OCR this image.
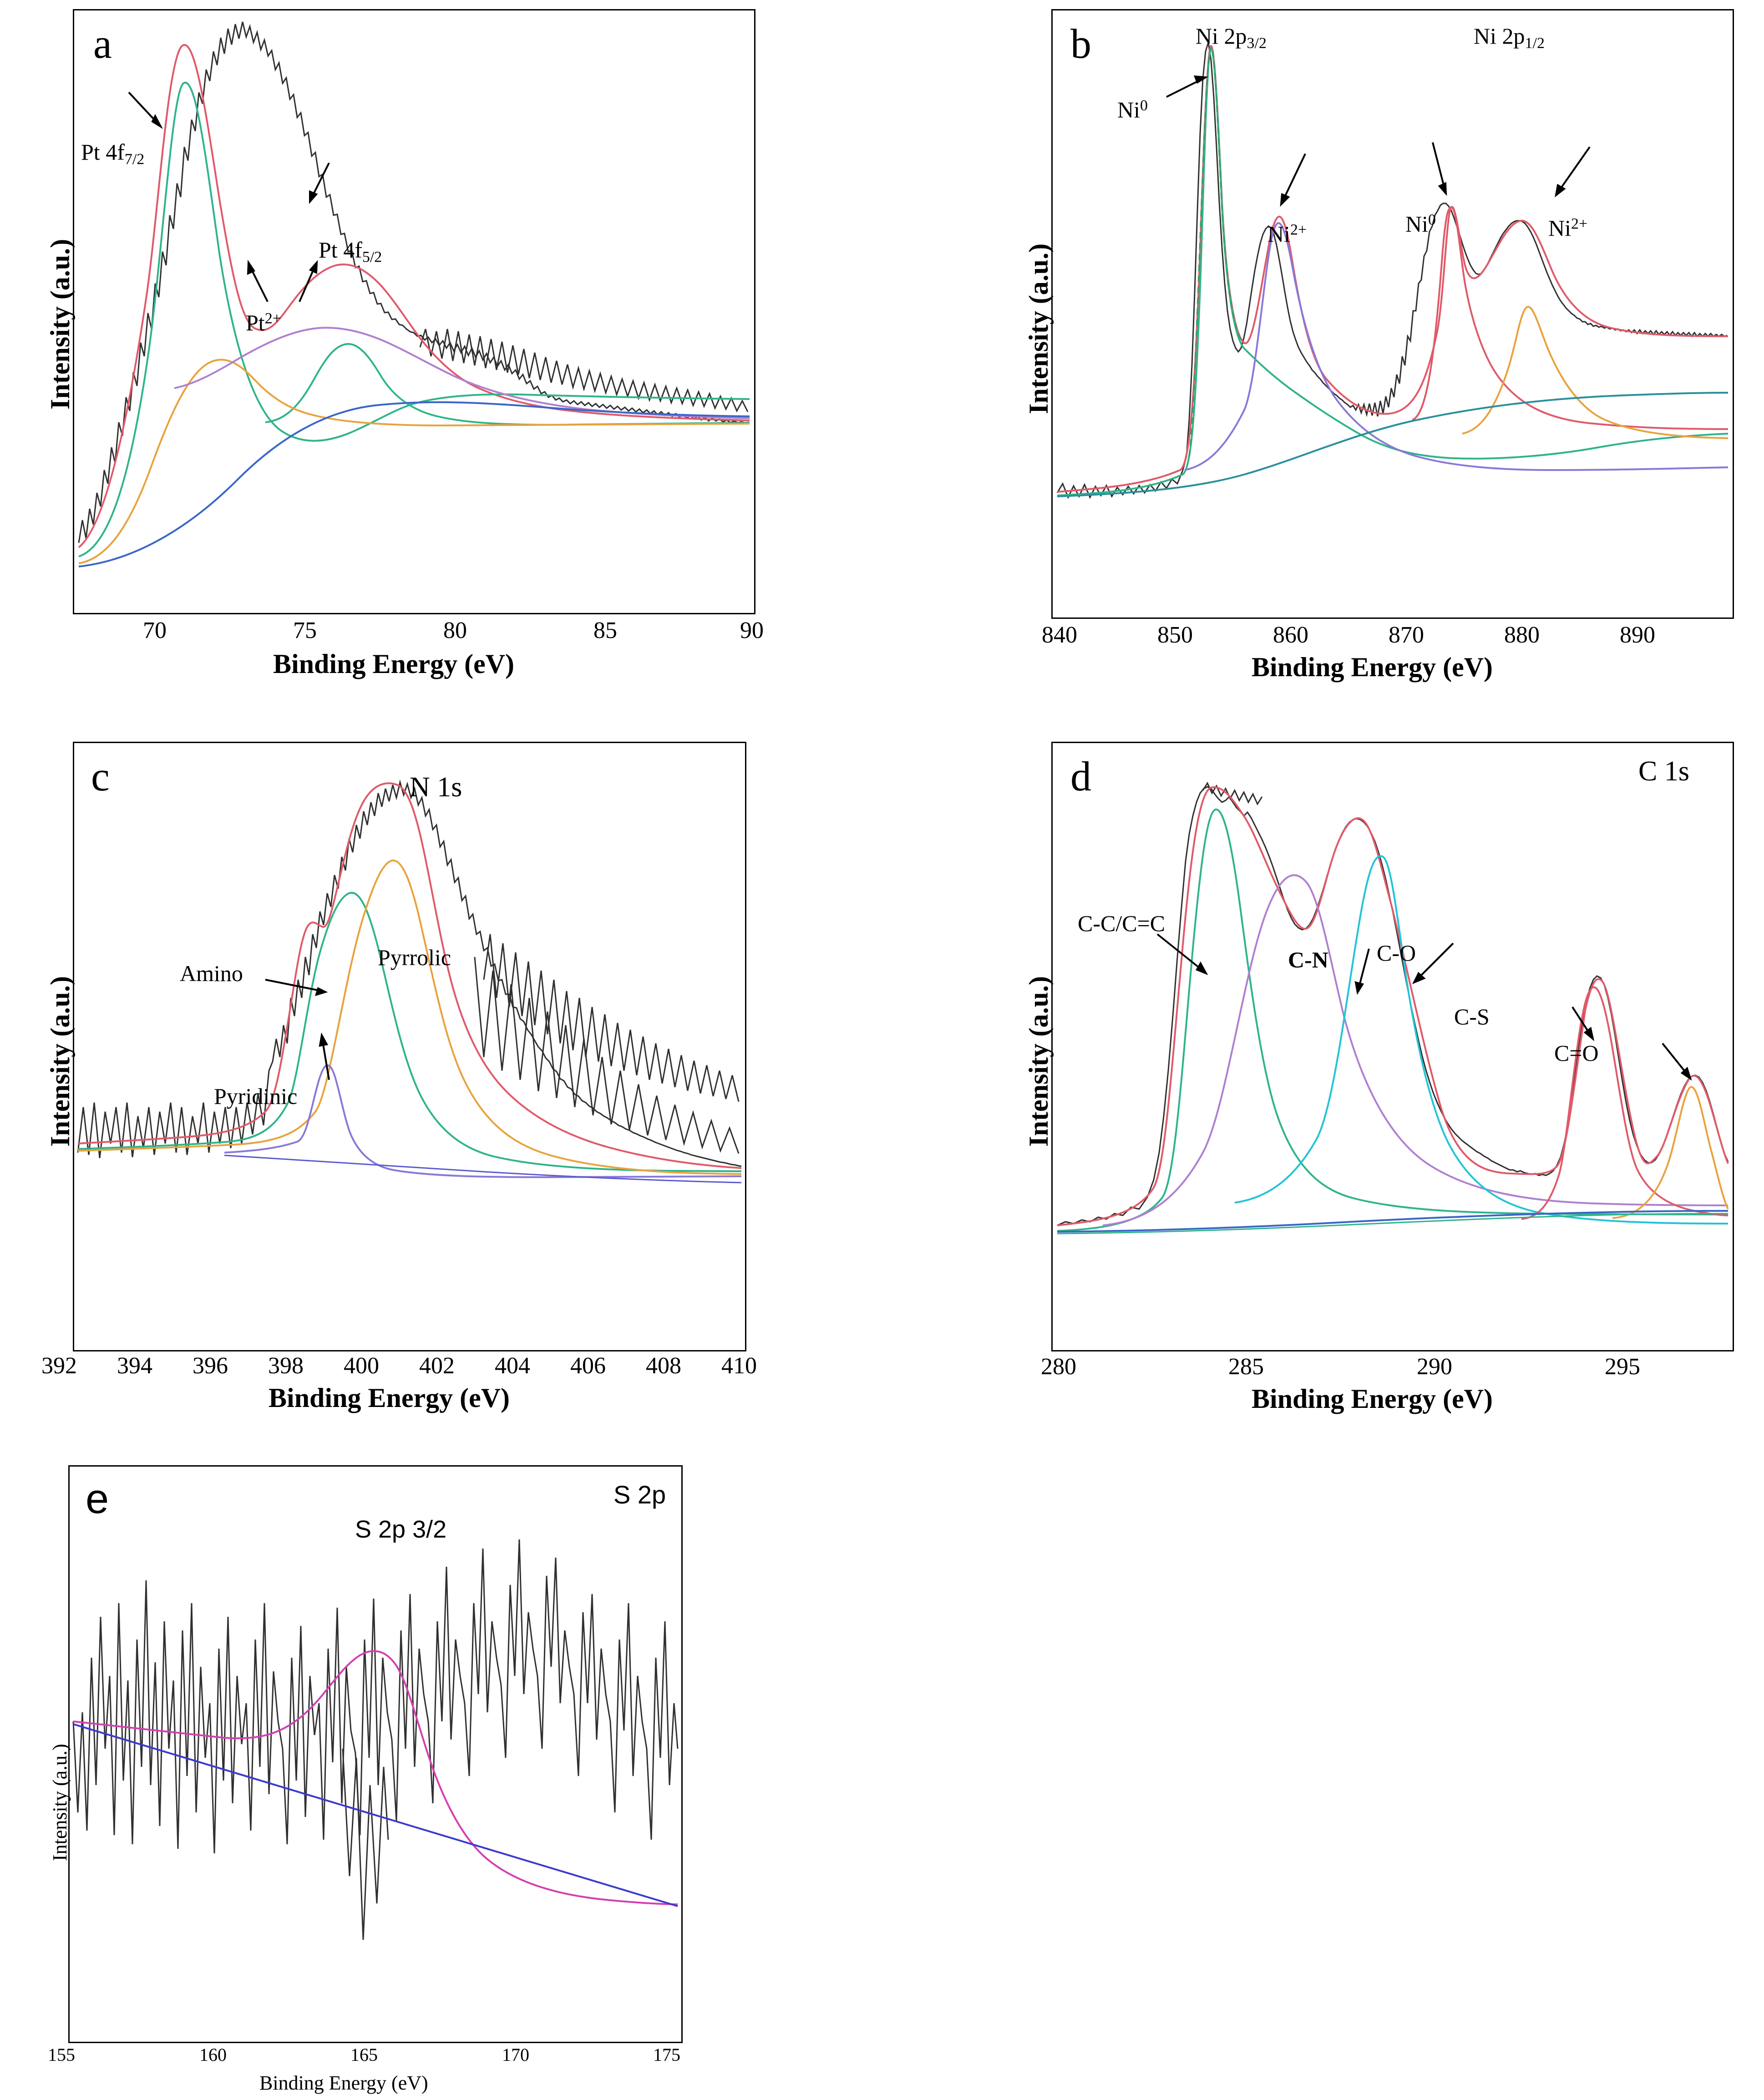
a
Pt $4f_{7/2}$
Pt $4f_{5/2}$
$Pt^{2+}$
Intensity (a.u.)
Binding Energy (eV)
70	75	80	85	90
b	Ni $2p_{3/2}$	Ni $2p_{1/2}$
Ni$^0$
$Ni^{2+}$	Ni$^0$	$Ni^{2+}$
Intensity (a.u.)
Binding Energy (eV)
840	850	860	870	880	890
c	N 1s
Amino
Pyrrolic
Pyridinic
Intensity (a.u.)
Binding Energy (eV)
392 394 396 398 400 402 404 406 408 410
d	C 1s
C-C/C=C
C-N C-O
C-S
C=O
Intensity (a.u.)
Binding Energy (eV)
280	285	290	295
e	S 2p
S 2p 3/2
Intensity (a.u.)
Binding Energy (eV)
155	160	165	170	175
